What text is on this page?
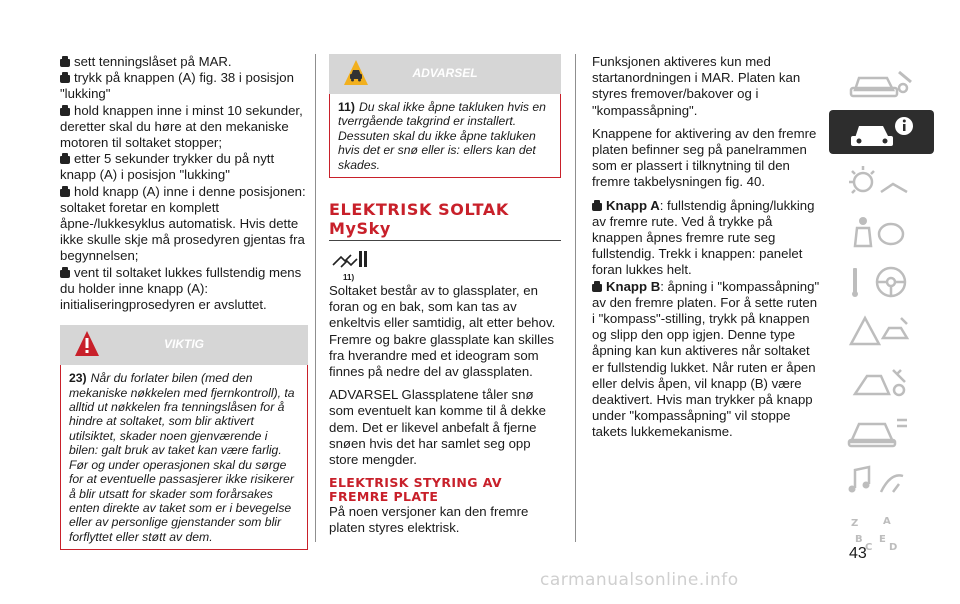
sett tenningslåset på MAR.

trykk på knappen (A) fig. 38 i posisjon "lukking"

hold knappen inne i minst 10 sekunder, deretter skal du høre at den mekaniske motoren til soltaket stopper;

etter 5 sekunder trykker du på nytt knapp (A) i posisjon "lukking"

hold knapp (A) inne i denne posisjonen: soltaket foretar en komplett åpne-/lukkesyklus automatisk. Hvis dette ikke skulle skje må prosedyren gjentas fra begynnelsen;

vent til soltaket lukkes fullstendig mens du holder inne knapp (A): initialiseringprosedyren er avsluttet.

VIKTIG
23) Når du forlater bilen (med den mekaniske nøkkelen med fjernkontroll), ta alltid ut nøkkelen fra tenningslåsen for å hindre at soltaket, som blir aktivert utilsiktet, skader noen gjenværende i bilen: galt bruk av taket kan være farlig. Før og under operasjonen skal du sørge for at eventuelle passasjerer ikke risikerer å blir utsatt for skader som forårsakes enten direkte av taket som er i bevegelse eller av personlige gjenstander som blir forflyttet eller støtt av dem.
ADVARSEL
11) Du skal ikke åpne takluken hvis en tverrgående takgrind er installert. Dessuten skal du ikke åpne takluken hvis det er snø eller is: ellers kan det skades.
ELEKTRISK SOLTAK MySky
11)

Soltaket består av to glassplater, en foran og en bak, som kan tas av enkeltvis eller samtidig, alt etter behov. Fremre og bakre glassplate kan skilles fra hverandre med et ideogram som finnes på nedre del av glassplaten.

ADVARSEL Glassplatene tåler snø som eventuelt kan komme til å dekke dem. Det er likevel anbefalt å fjerne snøen hvis det har samlet seg opp store mengder.

ELEKTRISK STYRING AV FREMRE PLATE

På noen versjoner kan den fremre platen styres elektrisk.

Funksjonen aktiveres kun med startanordningen i MAR. Platen kan styres fremover/bakover og i "kompassåpning".

Knappene for aktivering av den fremre platen befinner seg på panelrammen som er plassert i tilknytning til den fremre takbelysningen fig. 40.

Knapp A: fullstendig åpning/lukking av fremre rute. Ved å trykke på knappen åpnes fremre rute seg fullstendig. Trekk i knappen: panelet foran lukkes helt.

Knapp B: åpning i "kompassåpning" av den fremre platen. For å sette ruten i "kompass"-stilling, trykk på knappen og slipp den opp igjen. Denne type åpning kan kun aktiveres når soltaket er fullstendig lukket. Når ruten er åpen eller delvis åpen, vil knapp (B) være deaktivert. Hvis man trykker på knapp under "kompassåpning" vil stoppe takets lukkemekanisme.

Z A
B E
C D
43
carmanualsonline.info
